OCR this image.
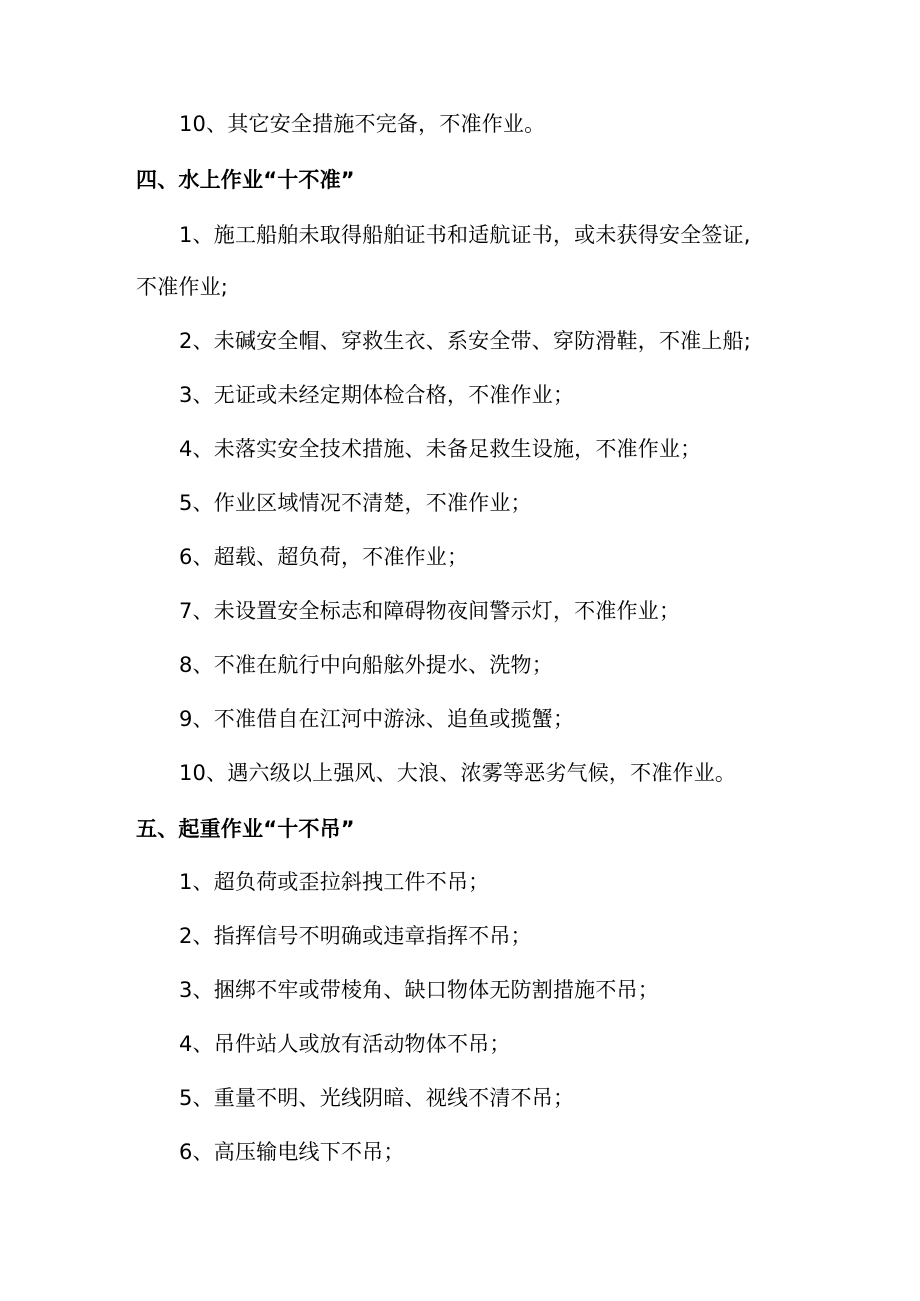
10、其它安全措施不完备，不准作业。
四、水上作业“十不准”
1、施工船舶未取得船舶证书和适航证书，或未获得安全签证,
不准作业;
2、未碱安全帽、穿救生衣、系安全带、穿防滑鞋，不准上船;
3、无证或未经定期体检合格，不准作业；
4、未落实安全技术措施、未备足救生设施，不准作业；
5、作业区域情况不清楚，不准作业；
6、超载、超负荷，不准作业；
7、未设置安全标志和障碍物夜间警示灯，不准作业；
8、不准在航行中向船舷外提水、洗物；
9、不准借自在江河中游泳、追鱼或揽蟹；
10、遇六级以上强风、大浪、浓雾等恶劣气候，不准作业。
五、起重作业“十不吊”
1、超负荷或歪拉斜拽工件不吊；
2、指挥信号不明确或违章指挥不吊；
3、捆绑不牢或带棱角、缺口物体无防割措施不吊；
4、吊件站人或放有活动物体不吊；
5、重量不明、光线阴暗、视线不清不吊；
6、高压输电线下不吊；
